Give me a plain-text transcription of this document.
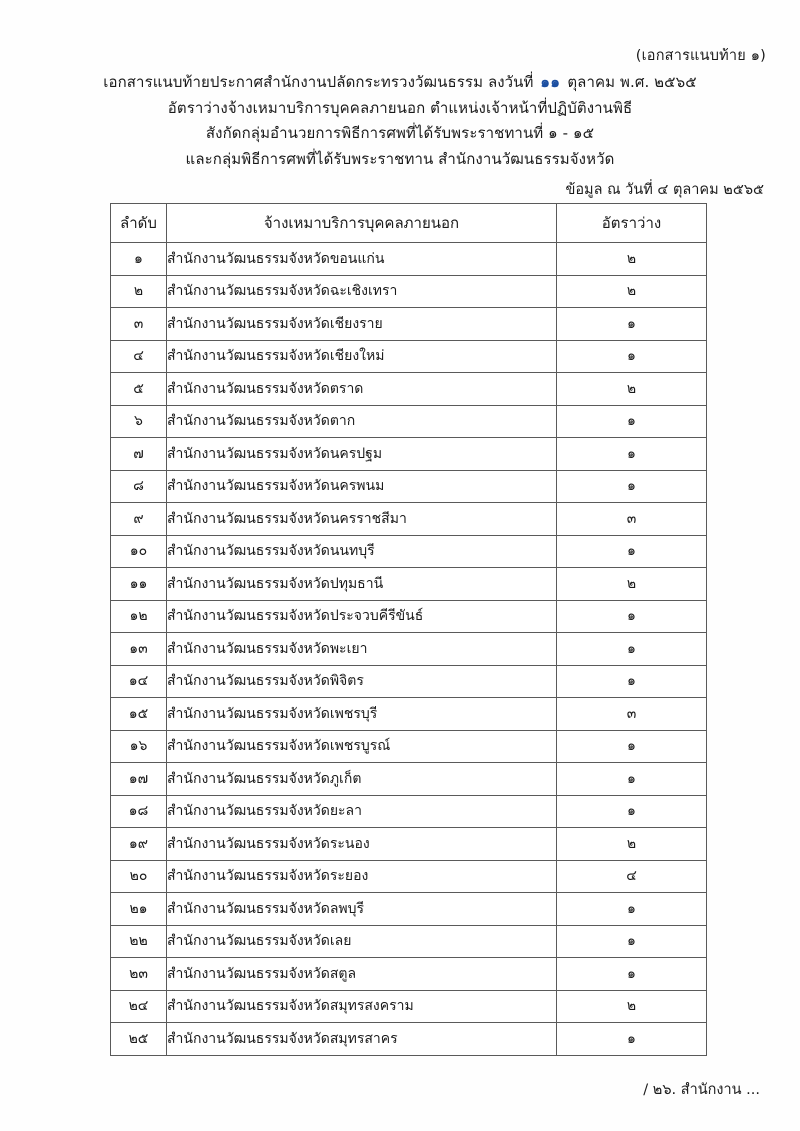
(เอกสารแนบท้าย ๑)
เอกสารแนบท้ายประกาศสำนักงานปลัดกระทรวงวัฒนธรรม ลงวันที่ ๑๑ ตุลาคม พ.ศ. ๒๕๖๕
อัตราว่างจ้างเหมาบริการบุคคลภายนอก ตำแหน่งเจ้าหน้าที่ปฏิบัติงานพิธี
สังกัดกลุ่มอำนวยการพิธีการศพที่ได้รับพระราชทานที่ ๑ - ๑๕
และกลุ่มพิธีการศพที่ได้รับพระราชทาน สำนักงานวัฒนธรรมจังหวัด
ข้อมูล ณ วันที่ ๔ ตุลาคม ๒๕๖๕
ลำดับ	จ้างเหมาบริการบุคคลภายนอก	อัตราว่าง
๑	สำนักงานวัฒนธรรมจังหวัดขอนแก่น	๒
๒	สำนักงานวัฒนธรรมจังหวัดฉะเชิงเทรา	๒
๓	สำนักงานวัฒนธรรมจังหวัดเชียงราย	๑
๔	สำนักงานวัฒนธรรมจังหวัดเชียงใหม่	๑
๕	สำนักงานวัฒนธรรมจังหวัดตราด	๒
๖	สำนักงานวัฒนธรรมจังหวัดตาก	๑
๗	สำนักงานวัฒนธรรมจังหวัดนครปฐม	๑
๘	สำนักงานวัฒนธรรมจังหวัดนครพนม	๑
๙	สำนักงานวัฒนธรรมจังหวัดนครราชสีมา	๓
๑๐	สำนักงานวัฒนธรรมจังหวัดนนทบุรี	๑
๑๑	สำนักงานวัฒนธรรมจังหวัดปทุมธานี	๒
๑๒	สำนักงานวัฒนธรรมจังหวัดประจวบคีรีขันธ์	๑
๑๓	สำนักงานวัฒนธรรมจังหวัดพะเยา	๑
๑๔	สำนักงานวัฒนธรรมจังหวัดพิจิตร	๑
๑๕	สำนักงานวัฒนธรรมจังหวัดเพชรบุรี	๓
๑๖	สำนักงานวัฒนธรรมจังหวัดเพชรบูรณ์	๑
๑๗	สำนักงานวัฒนธรรมจังหวัดภูเก็ต	๑
๑๘	สำนักงานวัฒนธรรมจังหวัดยะลา	๑
๑๙	สำนักงานวัฒนธรรมจังหวัดระนอง	๒
๒๐	สำนักงานวัฒนธรรมจังหวัดระยอง	๔
๒๑	สำนักงานวัฒนธรรมจังหวัดลพบุรี	๑
๒๒	สำนักงานวัฒนธรรมจังหวัดเลย	๑
๒๓	สำนักงานวัฒนธรรมจังหวัดสตูล	๑
๒๔	สำนักงานวัฒนธรรมจังหวัดสมุทรสงคราม	๒
๒๕	สำนักงานวัฒนธรรมจังหวัดสมุทรสาคร	๑
/ ๒๖. สำนักงาน ...
